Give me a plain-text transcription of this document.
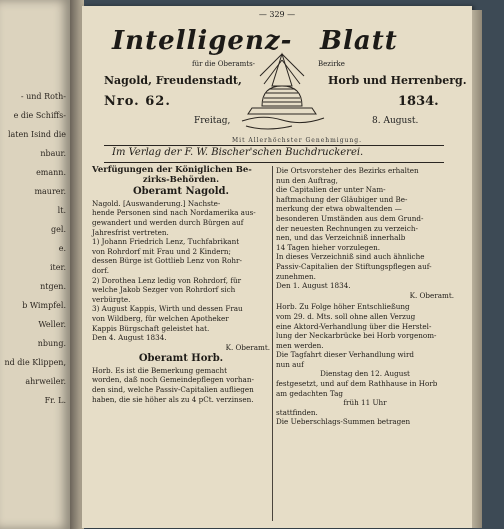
- und Roth-
e die Schiffs-
laten Isind die
nbaur.
emann.
maurer.
lt.
gel.
e.
iter.
ntgen.
b Wimpfel.
Weller.
nbung.
nd die Klippen,
ahrweiler.
Fr. L.
— 329 —
Intelligenz- Blatt
für die Oberamts-	Bezirke
Nagold, Freudenstadt,	Horb und Herrenberg.
Nro. 62.	1834.
Freitag,	8. August.
Mit Allerhöchster Genehmigung.
Im Verlag der F. W. Bischer'schen Buchdruckerei.

Verfügungen der Königlichen Be-

zirks-Behörden.

Oberamt Nagold.

Nagold. [Auswanderung.] Nachste-

hende Personen sind nach Nordamerika aus-

gewandert und werden durch Bürgen auf

Jahresfrist vertreten.

1) Johann Friedrich Lenz, Tuchfabrikant

von Rohrdorf mit Frau und 2 Kindern;

dessen Bürge ist Gottlieb Lenz von Rohr-

dorf.

2) Dorothea Lenz ledig von Rohrdorf, für

welche Jakob Sezger von Rohrdorf sich

verbürgte.

3) August Kappis, Wirth und dessen Frau

von Wildberg, für welchen Apotheker

Kappis Bürgschaft geleistet hat.

Den 4. August 1834.

K. Oberamt.

Oberamt Horb.

Horb. Es ist die Bemerkung gemacht

worden, daß noch Gemeindepflegen vorhan-

den sind, welche Passiv-Capitalien aufliegen

haben, die sie höher als zu 4 pCt. verzinsen.

Die Ortsvorsteher des Bezirks erhalten

nun den Auftrag,

die Capitalien der unter Nam-

haftmachung der Gläubiger und Be-

merkung der etwa obwaltenden —

besonderen Umständen aus dem Grund-

der neuesten Rechnungen zu verzeich-

nen, und das Verzeichniß innerhalb

14 Tagen hieher vorzulegen.

In dieses Verzeichniß sind auch ähnliche

Passiv-Capitalien der Stiftungspflegen auf-

zunehmen.

Den 1. August 1834.

K. Oberamt.

Horb. Zu Folge höher Entschließung

vom 29. d. Mts. soll ohne allen Verzug

eine Aktord-Verhandlung über die Herstel-

lung der Neckarbrücke bei Horb vorgenom-

men werden.

Die Tagfahrt dieser Verhandlung wird

nun auf

Dienstag den 12. August

festgesetzt, und auf dem Rathhause in Horb

am gedachten Tag

früh 11 Uhr

stattfinden.

Die Ueberschlags-Summen betragen
